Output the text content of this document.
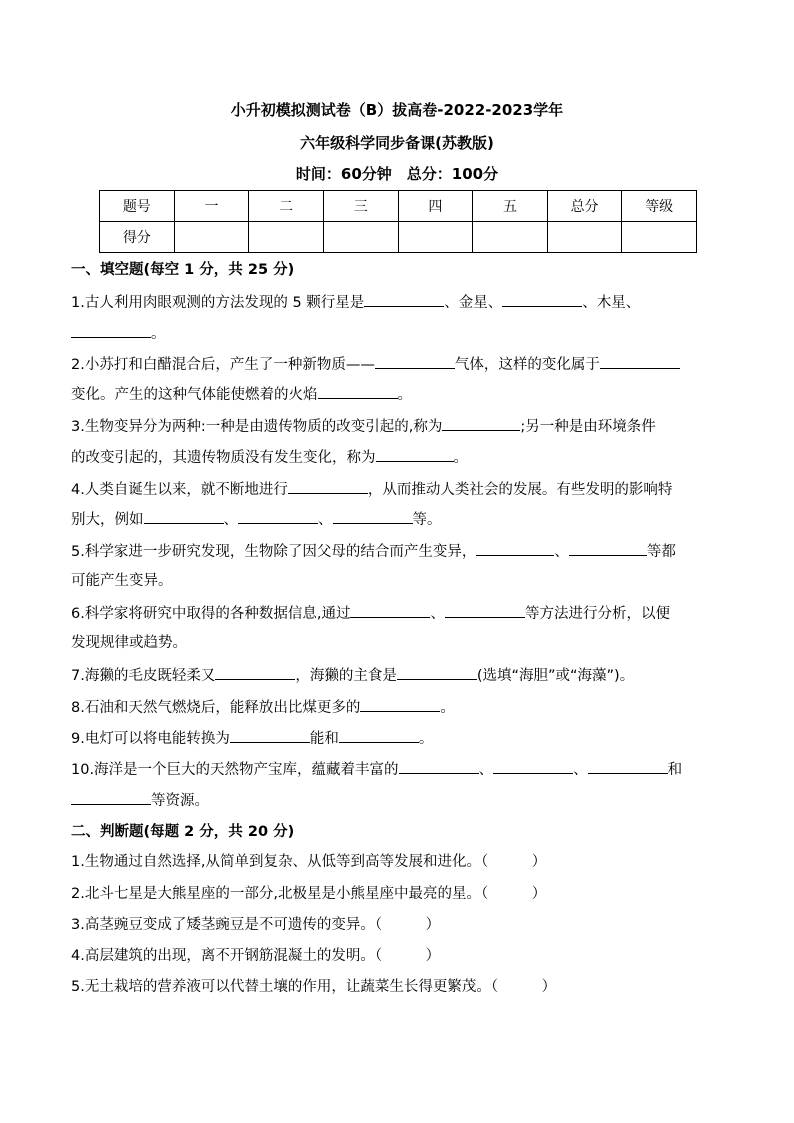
小升初模拟测试卷（B）拔高卷-2022-2023学年
六年级科学同步备课(苏教版)
时间：60分钟　总分：100分
题号	一	二	三	四	五	总分	等级
得分							
一、填空题(每空 1 分，共 25 分)
1.古人利用肉眼观测的方法发现的 5 颗行星是	、金星、	、木星、
。
2.小苏打和白醋混合后，产生了一种新物质——	气体，这样的变化属于
变化。产生的这种气体能使燃着的火焰	。
3.生物变异分为两种:一种是由遗传物质的改变引起的,称为	;另一种是由环境条件
的改变引起的，其遗传物质没有发生变化，称为	。
4.人类自诞生以来，就不断地进行	，从而推动人类社会的发展。有些发明的影响特
别大，例如	、	、	等。
5.科学家进一步研究发现，生物除了因父母的结合而产生变异，	、	等都
可能产生变异。
6.科学家将研究中取得的各种数据信息,通过	、	等方法进行分析，以便
发现规律或趋势。
7.海獭的毛皮既轻柔又	，海獭的主食是	(选填“海胆”或“海藻”)。
8.石油和天然气燃烧后，能释放出比煤更多的	。
9.电灯可以将电能转换为	能和	。
10.海洋是一个巨大的天然物产宝库，蕴藏着丰富的	、	、	和
等资源。
二、判断题(每题 2 分，共 20 分)
1.生物通过自然选择,从简单到复杂、从低等到高等发展和进化。（　　　）
2.北斗七星是大熊星座的一部分,北极星是小熊星座中最亮的星。（　　　）
3.高茎豌豆变成了矮茎豌豆是不可遗传的变异。（　　　）
4.高层建筑的出现，离不开钢筋混凝土的发明。（　　　）
5.无土栽培的营养液可以代替土壤的作用，让蔬菜生长得更繁茂。（　　　）
